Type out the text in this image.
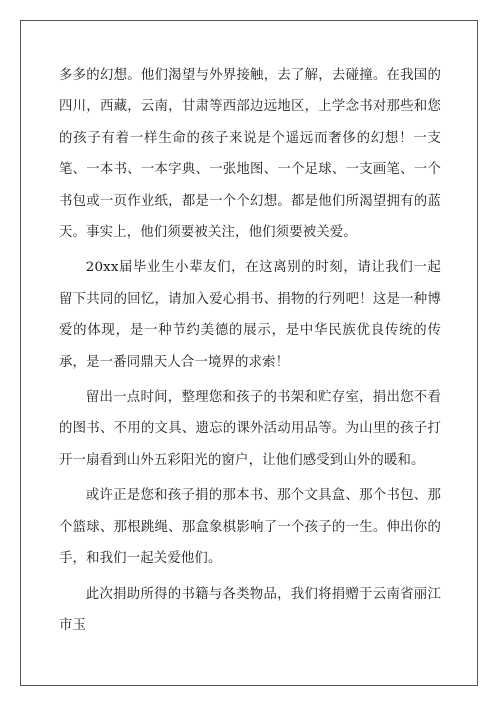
多多的幻想。他们渴望与外界接触，去了解，去碰撞。在我国的四川，西藏，云南，甘肃等西部边远地区，上学念书对那些和您的孩子有着一样生命的孩子来说是个遥远而奢侈的幻想！一支笔、一本书、一本字典、一张地图、一个足球、一支画笔、一个书包或一页作业纸，都是一个个幻想。都是他们所渴望拥有的蓝天。事实上，他们须要被关注，他们须要被关爱。

20xx届毕业生小辈友们，在这离别的时刻，请让我们一起留下共同的回忆，请加入爱心捐书、捐物的行列吧！这是一种博爱的体现，是一种节约美德的展示，是中华民族优良传统的传承，是一番同鼎天人合一境界的求索！

留出一点时间，整理您和孩子的书架和贮存室，捐出您不看的图书、不用的文具、遗忘的课外活动用品等。为山里的孩子打开一扇看到山外五彩阳光的窗户，让他们感受到山外的暖和。

或许正是您和孩子捐的那本书、那个文具盒、那个书包、那个篮球、那根跳绳、那盒象棋影响了一个孩子的一生。伸出你的手，和我们一起关爱他们。

此次捐助所得的书籍与各类物品，我们将捐赠于云南省丽江市玉
